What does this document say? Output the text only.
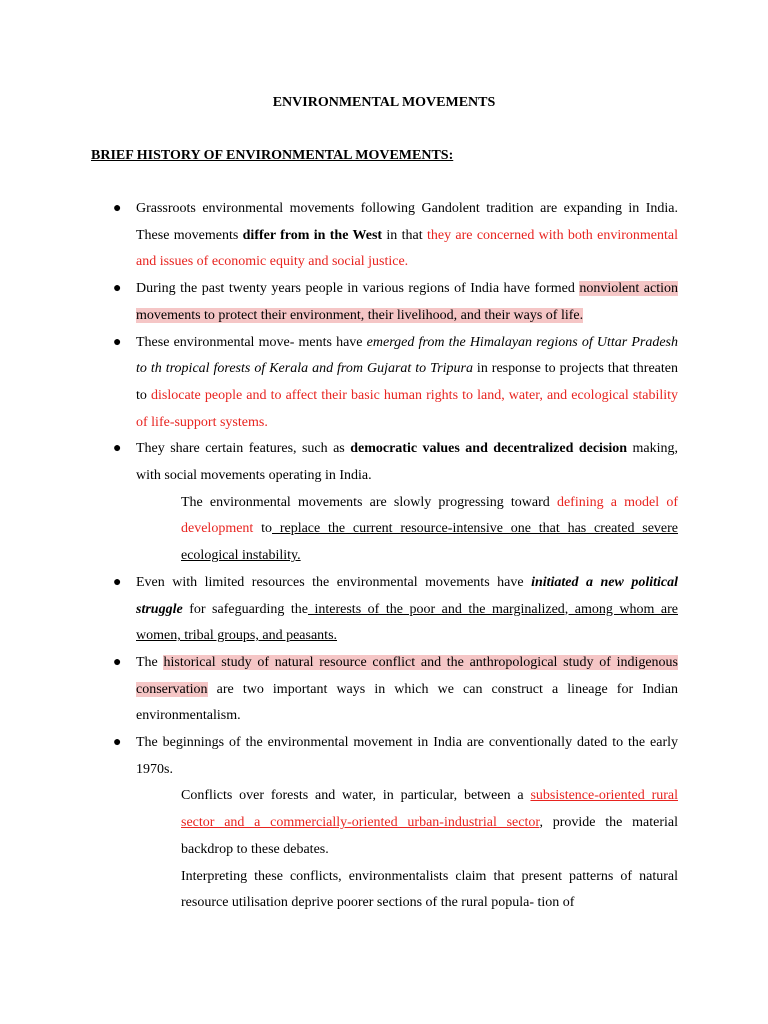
ENVIRONMENTAL MOVEMENTS
BRIEF HISTORY OF ENVIRONMENTAL MOVEMENTS:
● Grassroots environmental movements following Gandolent tradition are expanding in India. These movements differ from in the West in that they are concerned with both environmental and issues of economic equity and social justice.
● During the past twenty years people in various regions of India have formed nonviolent action movements to protect their environment, their livelihood, and their ways of life.
● These environmental move- ments have emerged from the Himalayan regions of Uttar Pradesh to th tropical forests of Kerala and from Gujarat to Tripura in response to projects that threaten to dislocate people and to affect their basic human rights to land, water, and ecological stability of life-support systems.
● They share certain features, such as democratic values and decentralized decision making, with social movements operating in India.
The environmental movements are slowly progressing toward defining a model of development to replace the current resource-intensive one that has created severe ecological instability.
● Even with limited resources the environmental movements have initiated a new political struggle for safeguarding the interests of the poor and the marginalized, among whom are women, tribal groups, and peasants.
● The historical study of natural resource conflict and the anthropological study of indigenous conservation are two important ways in which we can construct a lineage for Indian environmentalism.
● The beginnings of the environmental movement in India are conventionally dated to the early 1970s.
Conflicts over forests and water, in particular, between a subsistence-oriented rural sector and a commercially-oriented urban-industrial sector, provide the material backdrop to these debates.
Interpreting these conflicts, environmentalists claim that present patterns of natural resource utilisation deprive poorer sections of the rural popula- tion of
